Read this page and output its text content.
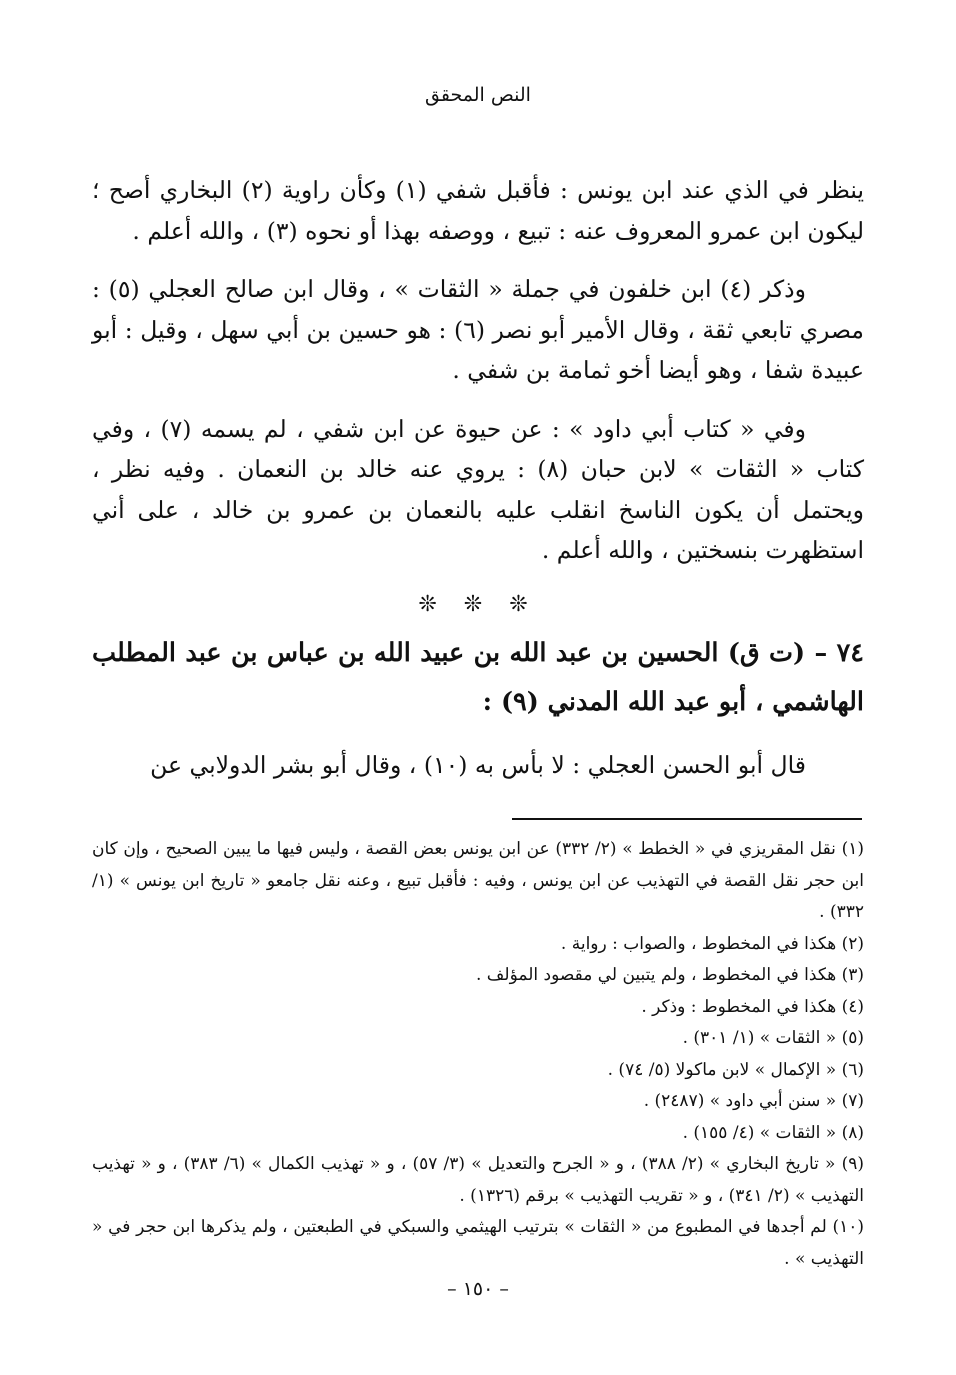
النص المحقق

ينظر في الذي عند ابن يونس : فأقبل شفي (١) وكأن راوية (٢) البخاري أصح ؛ ليكون ابن عمرو المعروف عنه : تبيع ، ووصفه بهذا أو نحوه (٣) ، والله أعلم .

وذكر (٤) ابن خلفون في جملة « الثقات » ، وقال ابن صالح العجلي (٥) : مصري تابعي ثقة ، وقال الأمير أبو نصر (٦) : هو حسين بن أبي سهل ، وقيل : أبو عبيدة شفا ، وهو أيضا أخو ثمامة بن شفي .

وفي « كتاب أبي داود » : عن حيوة عن ابن شفي ، لم يسمه (٧) ، وفي كتاب « الثقات » لابن حبان (٨) : يروي عنه خالد بن النعمان . وفيه نظر ، ويحتمل أن يكون الناسخ انقلب عليه بالنعمان بن عمرو بن خالد ، على أني استظهرت بنسختين ، والله أعلم .

❊ ❊ ❊

٧٤ – (ت ق) الحسين بن عبد الله بن عبيد الله بن عباس بن عبد المطلب الهاشمي ، أبو عبد الله المدني (٩) :

قال أبو الحسن العجلي : لا بأس به (١٠) ، وقال أبو بشر الدولابي عن

(١) نقل المقريزي في « الخطط » (٢/ ٣٣٢) عن ابن يونس بعض القصة ، وليس فيها ما يبين الصحيح ، وإن كان ابن حجر نقل القصة في التهذيب عن ابن يونس ، وفيه : فأقبل تبيع ، وعنه نقل جامعو « تاريخ ابن يونس » (١/ ٣٣٢) .

(٢) هكذا في المخطوط ، والصواب : رواية .

(٣) هكذا في المخطوط ، ولم يتبين لي مقصود المؤلف .

(٤) هكذا في المخطوط : وذكر .

(٥) « الثقات » (١/ ٣٠١) .

(٦) « الإكمال » لابن ماكولا (٥/ ٧٤) .

(٧) « سنن أبي داود » (٢٤٨٧) .

(٨) « الثقات » (٤/ ١٥٥) .

(٩) « تاريخ البخاري » (٢/ ٣٨٨) ، و « الجرح والتعديل » (٣/ ٥٧) ، و « تهذيب الكمال » (٦/ ٣٨٣) ، و « تهذيب التهذيب » (٢/ ٣٤١) ، و « تقريب التهذيب » برقم (١٣٢٦) .

(١٠) لم أجدها في المطبوع من « الثقات » بترتيب الهيثمي والسبكي في الطبعتين ، ولم يذكرها ابن حجر في « التهذيب » .

– ١٥٠ –
